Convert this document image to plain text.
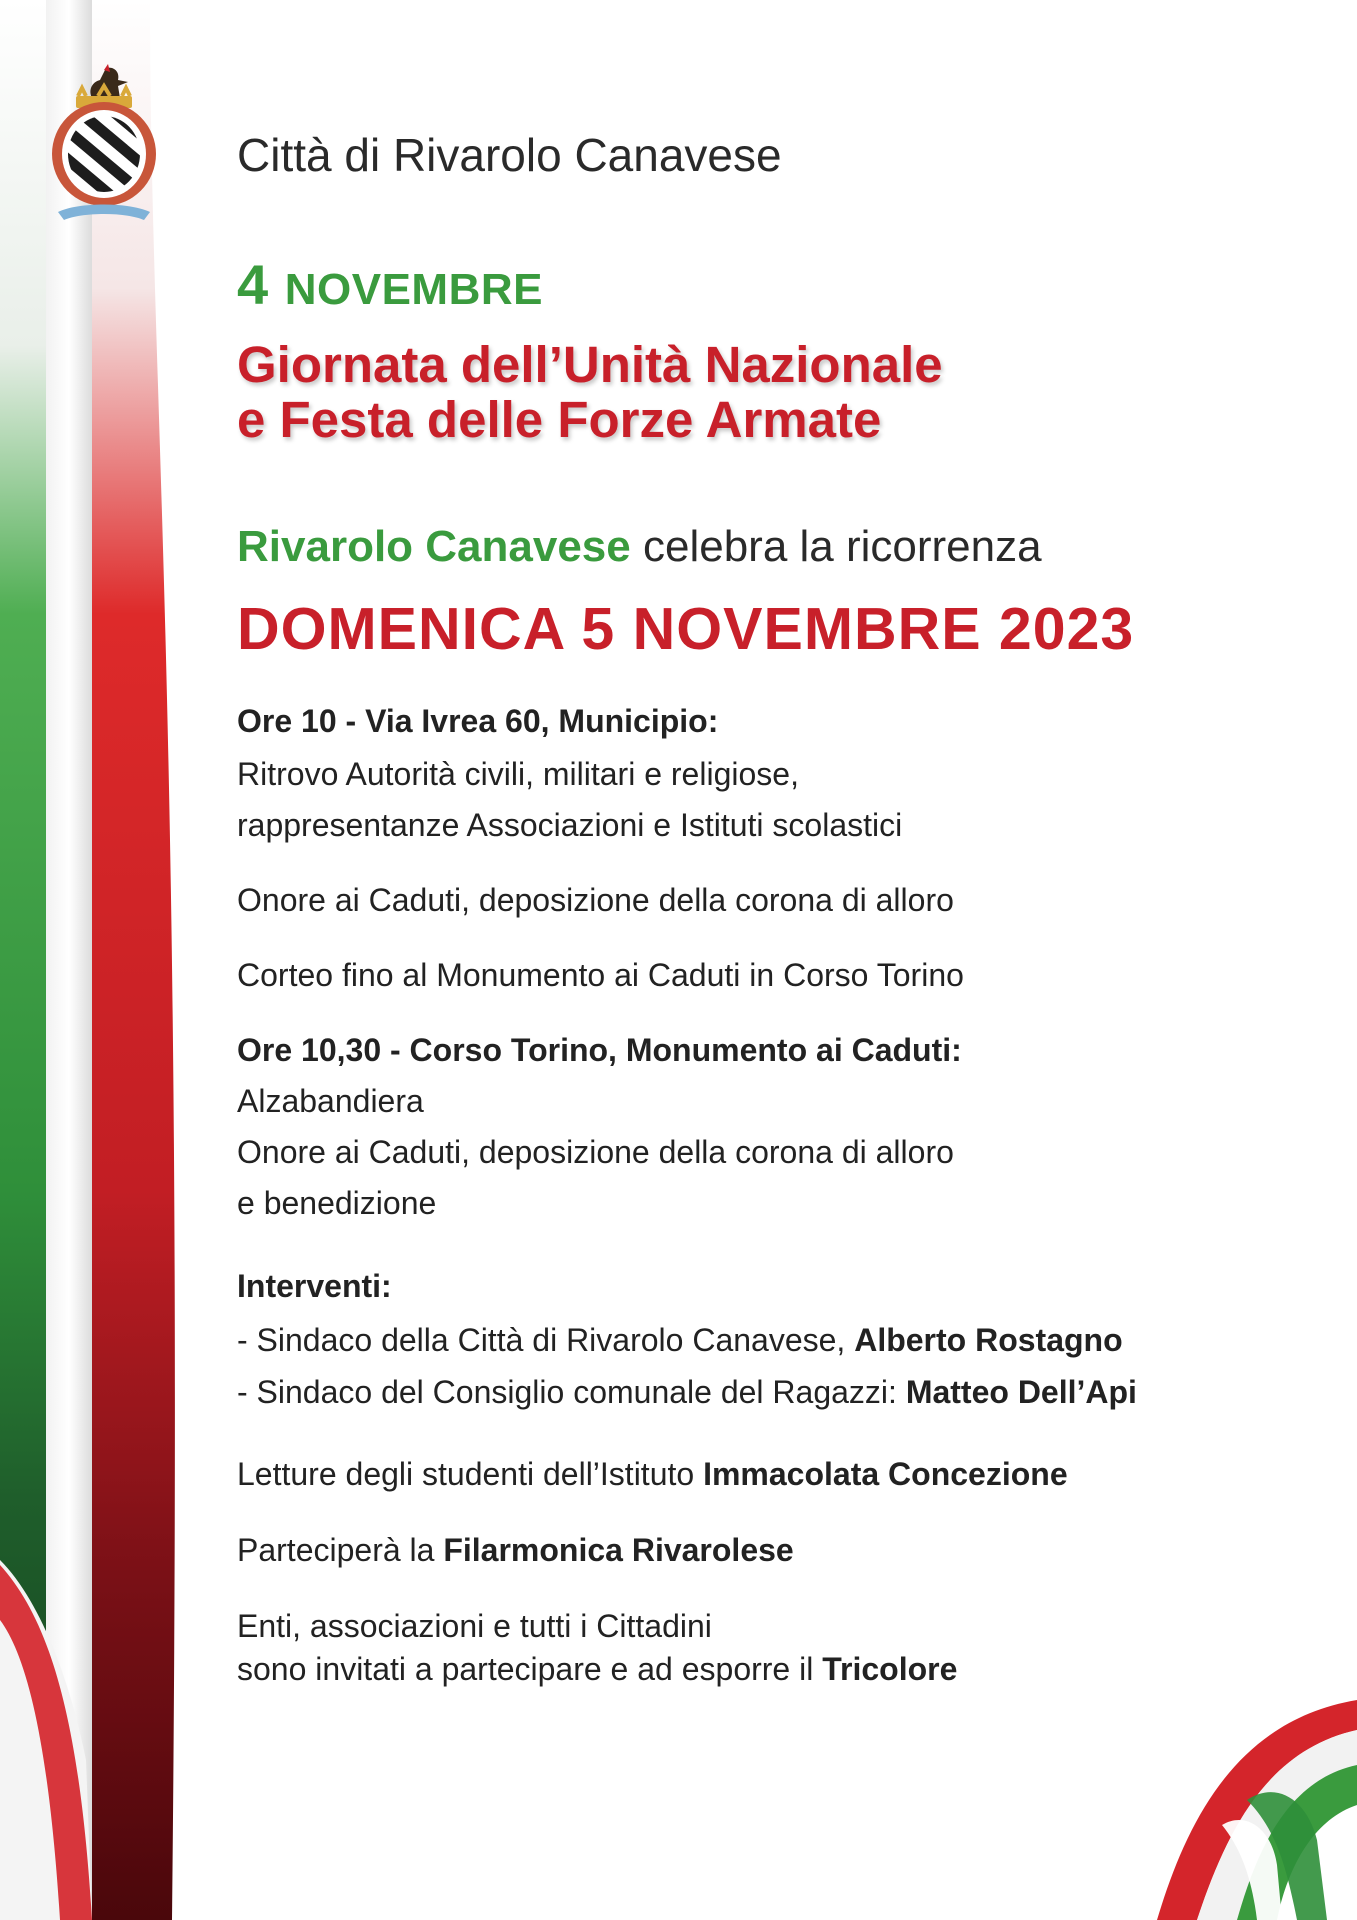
Città di Rivarolo Canavese
4 NOVEMBRE
Giornata dell’Unità Nazionale
e Festa delle Forze Armate
Rivarolo Canavese celebra la ricorrenza
DOMENICA 5 NOVEMBRE 2023
Ore 10 - Via Ivrea 60, Municipio:
Ritrovo Autorità civili, militari e religiose,
rappresentanze Associazioni e Istituti scolastici
Onore ai Caduti, deposizione della corona di alloro
Corteo fino al Monumento ai Caduti in Corso Torino
Ore 10,30 - Corso Torino, Monumento ai Caduti:
Alzabandiera
Onore ai Caduti, deposizione della corona di alloro
e benedizione
Interventi:
- Sindaco della Città di Rivarolo Canavese, Alberto Rostagno
- Sindaco del Consiglio comunale del Ragazzi: Matteo Dell’Api
Letture degli studenti dell’Istituto Immacolata Concezione
Parteciperà la Filarmonica Rivarolese
Enti, associazioni e tutti i Cittadini
sono invitati a partecipare e ad esporre il Tricolore
